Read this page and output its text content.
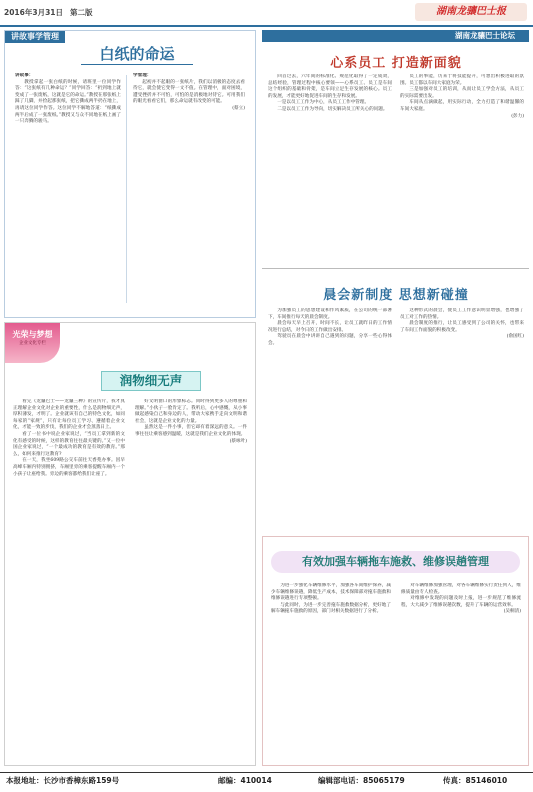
2016年3月31日 第二版	湖南龙骧巴士报
讲故事学管理
白纸的命运

讲故事：

教授拿起一张白纸的时候，请班里一位同学作答：“这张纸有几种命运？”同学回答：“扔到地上就变成了一张废纸，这就是它的命运。”教授在那张纸上踩了几脚，并捡起那张纸，把它撕成两半扔在地上，再请这位同学作答。这位同学不解地答道：“纸撕成两半后成了一张废纸。”教授又与众不同地在纸上画了一只奔腾的骏马。

学管理：

起初并不起眼的一张纸片，我们以消极的态度去看待它，就会使它变得一文不值。在管理中，面对困境，遭受挫折并不可怕，可怕的是消极地对待它。可用我们的眼光看看它们，那么命运就有改变的可能。

(蔡立)

光荣与梦想
企业文化专栏
润物细无声

看完《龙骧巴士——龙骧三种》的宣传片，我才真正理解企业文化对企业的重要性，什么是润物细无声，厚积薄发，才明了。企业就该有自己的特色文化，如同每家的“家规”，只有让每位员工学习、遵循着企业文化，才能一致的步伐，我们的企业才会蒸蒸日上。

看了一位书中说企业家说过，“当员工拿到新的文化有感受的时候，这样的教育往往最关键的。”又一位中国企业家说过，“一个最成功的教育是有效的教育。”那么，如何来推行这教育?

在一天，我坐609路公交车前往天香苑办事。因早高峰车厢内特别拥挤，车厢里旁的乘客提醒车厢内一个小孩子让座给我。旁边的乘客都给我们让座了。

好文明窗口的形象标志。同时得到更多人的尊重和理解。”小伙子一脸肯定了。我听后，心中感慨，从小事做起感染自己和身边的人，带动大家携手走向文明和谐社会，这就是企业文化的力量。

虽然这是一件小事，但它却有着深远的意义。一件事往往让乘客感到温暖，这就是我们企业文化的体现。

(蔡咏叶)

湖南龙骧巴士论坛
心系员工 打造新面貌

回首过去，六年间的标准化、规范化取得了一定成效，总结经验，管理过程中核心要领——心系员工、员工是车间这个组织的基础和骨架，是车间立足生存发展的核心。员工的发展，才能更好地促进车间的生存和发展。

一是以员工工作为中心，从员工工作中管理。

二是以员工工作为导向，切实解决员工所关心的问题。

员工的事能，历来于将技能提升，可想出积极进取的氛围。员工都以车间大家庭为荣。

三是加强对员工的培训，从而让员工学会方法，从员工的实际需要出发。

车间从点滴做起，用实际行动，全力打造了和谐温馨的车间大家庭。

(彭力)

晨会新制度 思想新碰撞

为加强员工的思想建设和作风素质，在公司的统一部署下，车间推行每天的晨会制度。

晨会每天早上召开，时间不长，让员工就昨日的工作情况进行总结，对今日的工作做出安排。

驾驶员在晨会中讲讲自己遇到的问题，分享一些心得体会。

这种形式的晨会，使员工工作意识明显增强，也增强了员工对工作的热情。

晨会制度的推行，让员工感受到了公司的关怀，也带来了车间工作面貌的积极改变。

(俞国红)

有效加强车辆拖车施救、维修误趟管理

为进一步强化车辆维修水平，加强各车间维护保养，减少车辆维修误趟，降低生产成本，技术保障部对拖车施救和维修误趟进行专项整顿。

与此同时，为进一步完善拖车施救数据分析，更好地了解车辆拖车施救的原因，部门对相关数据进行了分析。

对车辆维修加强管理，对各车辆维修实行责任到人，维修质量由专人检查。

对维修中发现的问题及时上报，进一步规范了维修流程，大大减少了维修误趟次数，提升了车辆的运营效率。

(吴桐清)

本报地址：长沙市香樟东路159号	邮编：410014	编辑部电话：85065179	传真：85146010
